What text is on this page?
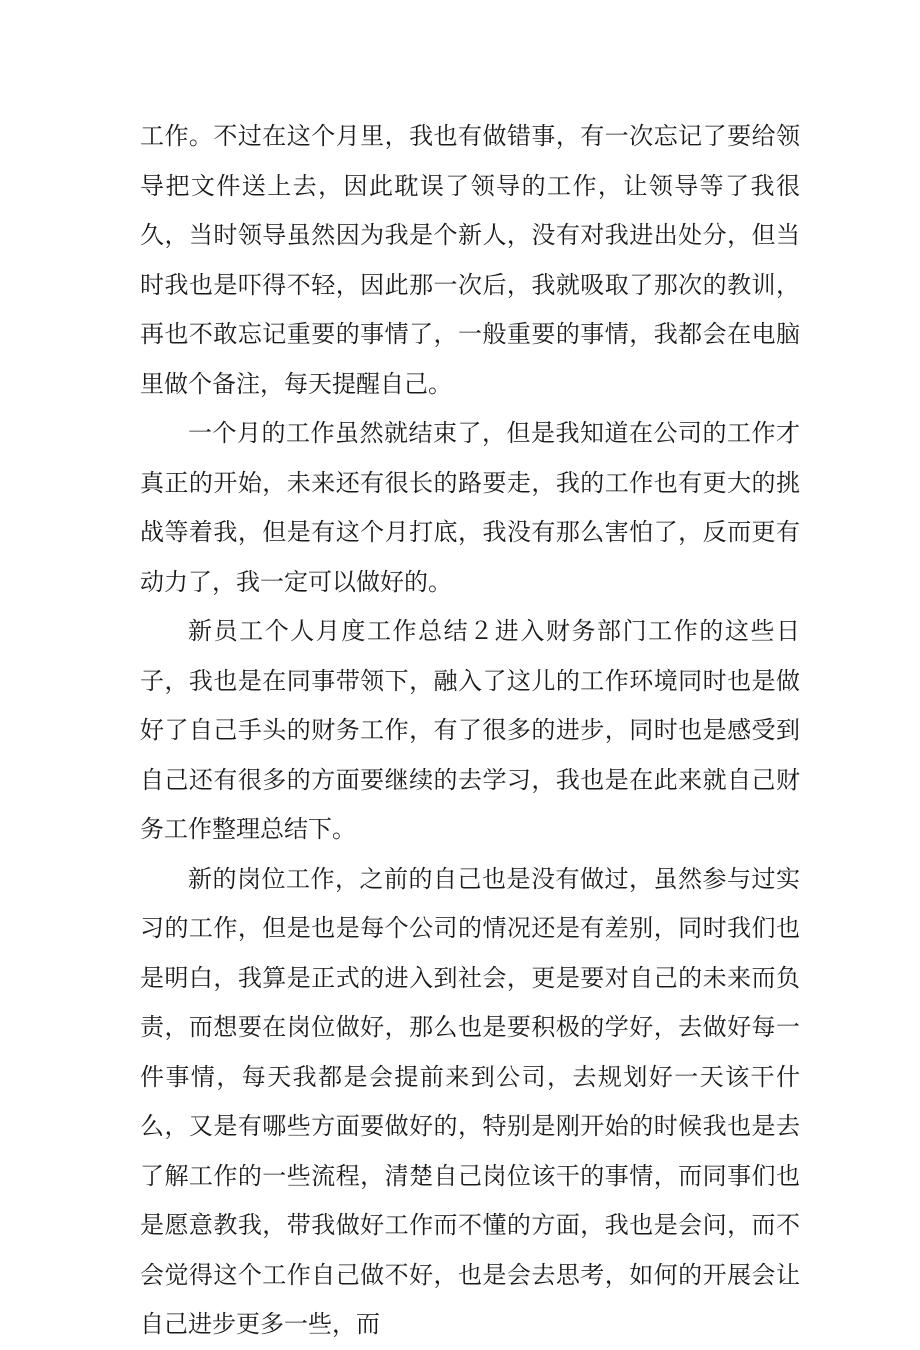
工作。不过在这个月里，我也有做错事，有一次忘记了要给领导把文件送上去，因此耽误了领导的工作，让领导等了我很久，当时领导虽然因为我是个新人，没有对我进出处分，但当时我也是吓得不轻，因此那一次后，我就吸取了那次的教训，再也不敢忘记重要的事情了，一般重要的事情，我都会在电脑里做个备注，每天提醒自己。

一个月的工作虽然就结束了，但是我知道在公司的工作才真正的开始，未来还有很长的路要走，我的工作也有更大的挑战等着我，但是有这个月打底，我没有那么害怕了，反而更有动力了，我一定可以做好的。

新员工个人月度工作总结２进入财务部门工作的这些日子，我也是在同事带领下，融入了这儿的工作环境同时也是做好了自己手头的财务工作，有了很多的进步，同时也是感受到自己还有很多的方面要继续的去学习，我也是在此来就自己财务工作整理总结下。

新的岗位工作，之前的自己也是没有做过，虽然参与过实习的工作，但是也是每个公司的情况还是有差别，同时我们也是明白，我算是正式的进入到社会，更是要对自己的未来而负责，而想要在岗位做好，那么也是要积极的学好，去做好每一件事情，每天我都是会提前来到公司，去规划好一天该干什么，又是有哪些方面要做好的，特别是刚开始的时候我也是去了解工作的一些流程，清楚自己岗位该干的事情，而同事们也是愿意教我，带我做好工作而不懂的方面，我也是会问，而不会觉得这个工作自己做不好，也是会去思考，如何的开展会让自己进步更多一些，而
